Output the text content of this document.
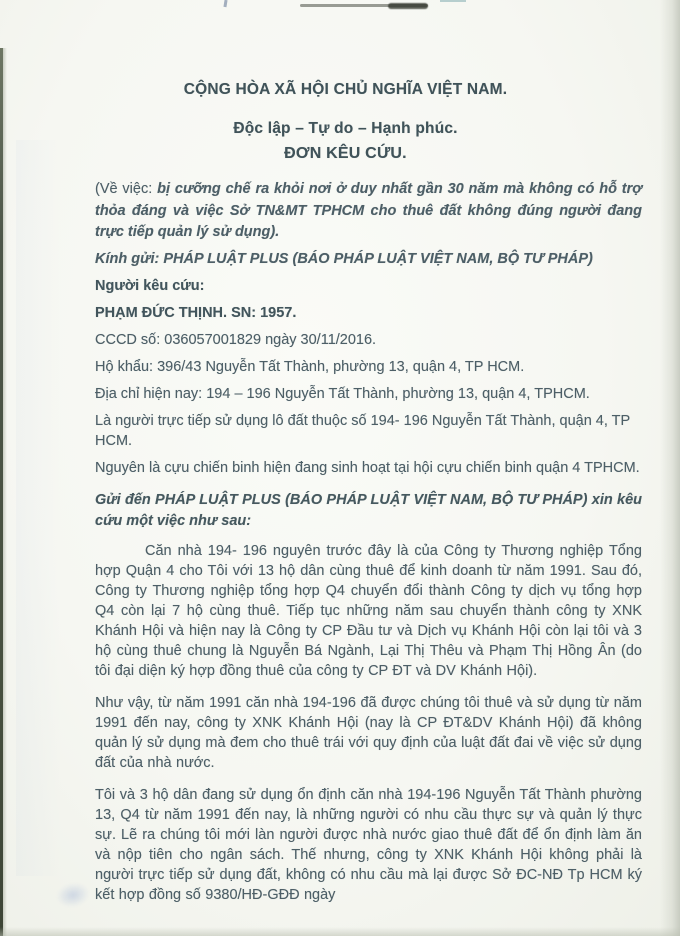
CỘNG HÒA XÃ HỘI CHỦ NGHĨA VIỆT NAM.
Độc lập – Tự do – Hạnh phúc.
ĐƠN KÊU CỨU.
(Về việc: bị cưỡng chế ra khỏi nơi ở duy nhất gần 30 năm mà không có hỗ trợ thỏa đáng và việc Sở TN&MT TPHCM cho thuê đất không đúng người đang trực tiếp quản lý sử dụng).
Kính gửi: PHÁP LUẬT PLUS (BÁO PHÁP LUẬT VIỆT NAM, BỘ TƯ PHÁP)
Người kêu cứu:
PHẠM ĐỨC THỊNH. SN: 1957.
CCCD số: 036057001829 ngày 30/11/2016.
Hộ khẩu: 396/43 Nguyễn Tất Thành, phường 13, quận 4, TP HCM.
Địa chỉ hiện nay: 194 – 196 Nguyễn Tất Thành, phường 13, quận 4, TPHCM.
Là người trực tiếp sử dụng lô đất thuộc số 194- 196 Nguyễn Tất Thành, quận 4, TP HCM.
Nguyên là cựu chiến binh hiện đang sinh hoạt tại hội cựu chiến binh quận 4 TPHCM.
Gửi đến PHÁP LUẬT PLUS (BÁO PHÁP LUẬT VIỆT NAM, BỘ TƯ PHÁP) xin kêu cứu một việc như sau:
Căn nhà 194- 196 nguyên trước đây là của Công ty Thương nghiệp Tổng hợp Quận 4 cho Tôi với 13 hộ dân cùng thuê để kinh doanh từ năm 1991. Sau đó, Công ty Thương nghiệp tổng hợp Q4 chuyển đổi thành Công ty dịch vụ tổng hợp Q4 còn lại 7 hộ cùng thuê. Tiếp tục những năm sau chuyển thành công ty XNK Khánh Hội và hiện nay là Công ty CP Đầu tư và Dịch vụ Khánh Hội còn lại tôi và 3 hộ cùng thuê chung là Nguyễn Bá Ngành, Lại Thị Thêu và Phạm Thị Hồng Ân (do tôi đại diện ký hợp đồng thuê của công ty CP ĐT và DV Khánh Hội).
Như vậy, từ năm 1991 căn nhà 194-196 đã được chúng tôi thuê và sử dụng từ năm 1991 đến nay, công ty XNK Khánh Hội (nay là CP ĐT&DV Khánh Hội) đã không quản lý sử dụng mà đem cho thuê trái với quy định của luật đất đai về việc sử dụng đất của nhà nước.
Tôi và 3 hộ dân đang sử dụng ổn định căn nhà 194-196 Nguyễn Tất Thành phường 13, Q4 từ năm 1991 đến nay, là những người có nhu cầu thực sự và quản lý thực sự. Lẽ ra chúng tôi mới làn người được nhà nước giao thuê đất để ổn định làm ăn và nộp tiên cho ngân sách. Thế nhưng, công ty XNK Khánh Hội không phải là người trực tiếp sử dụng đất, không có nhu cầu mà lại được Sở ĐC-NĐ Tp HCM ký kết hợp đồng số 9380/HĐ-GĐĐ ngày
